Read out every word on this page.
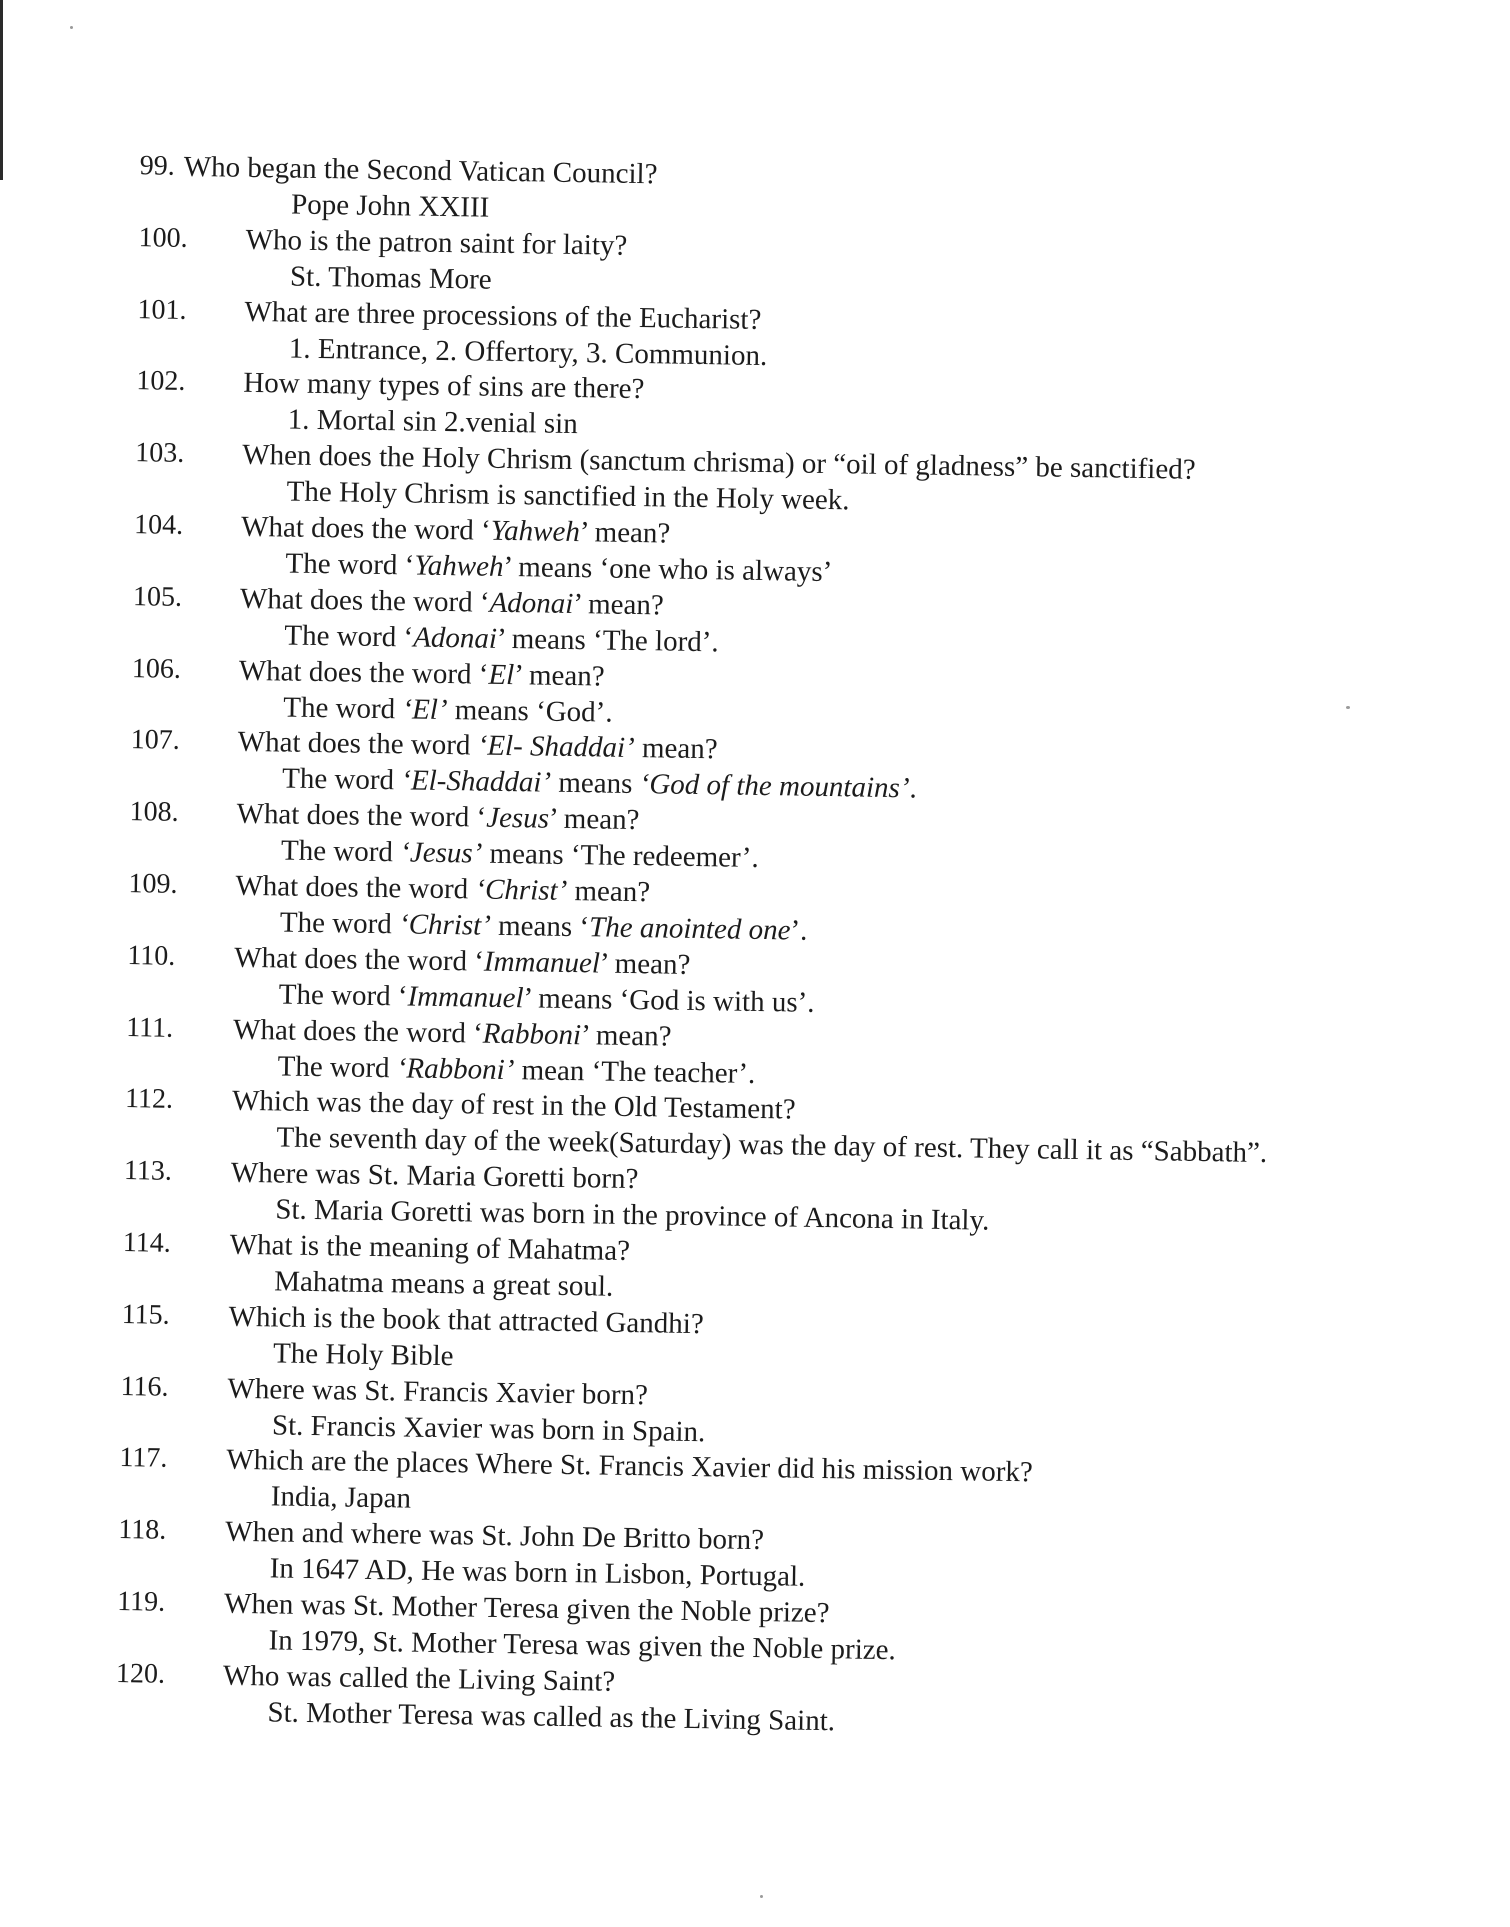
99. Who began the Second Vatican Council?
Pope John XXIII
100. Who is the patron saint for laity?
St. Thomas More
101. What are three processions of the Eucharist?
1. Entrance, 2. Offertory, 3. Communion.
102. How many types of sins are there?
1. Mortal sin 2.venial sin
103. When does the Holy Chrism (sanctum chrisma) or “oil of gladness” be sanctified?
The Holy Chrism is sanctified in the Holy week.
104. What does the word ‘Yahweh’ mean?
The word ‘Yahweh’ means ‘one who is always’
105. What does the word ‘Adonai’ mean?
The word ‘Adonai’ means ‘The lord’.
106. What does the word ‘El’ mean?
The word ‘El’ means ‘God’.
107. What does the word ‘El- Shaddai’ mean?
The word ‘El-Shaddai’ means ‘God of the mountains’.
108. What does the word ‘Jesus’ mean?
The word ‘Jesus’ means ‘The redeemer’.
109. What does the word ‘Christ’ mean?
The word ‘Christ’ means ‘The anointed one’.
110. What does the word ‘Immanuel’ mean?
The word ‘Immanuel’ means ‘God is with us’.
111. What does the word ‘Rabboni’ mean?
The word ‘Rabboni’ mean ‘The teacher’.
112. Which was the day of rest in the Old Testament?
The seventh day of the week(Saturday) was the day of rest. They call it as “Sabbath”.
113. Where was St. Maria Goretti born?
St. Maria Goretti was born in the province of Ancona in Italy.
114. What is the meaning of Mahatma?
Mahatma means a great soul.
115. Which is the book that attracted Gandhi?
The Holy Bible
116. Where was St. Francis Xavier born?
St. Francis Xavier was born in Spain.
117. Which are the places Where St. Francis Xavier did his mission work?
India, Japan
118. When and where was St. John De Britto born?
In 1647 AD, He was born in Lisbon, Portugal.
119. When was St. Mother Teresa given the Noble prize?
In 1979, St. Mother Teresa was given the Noble prize.
120. Who was called the Living Saint?
St. Mother Teresa was called as the Living Saint.
